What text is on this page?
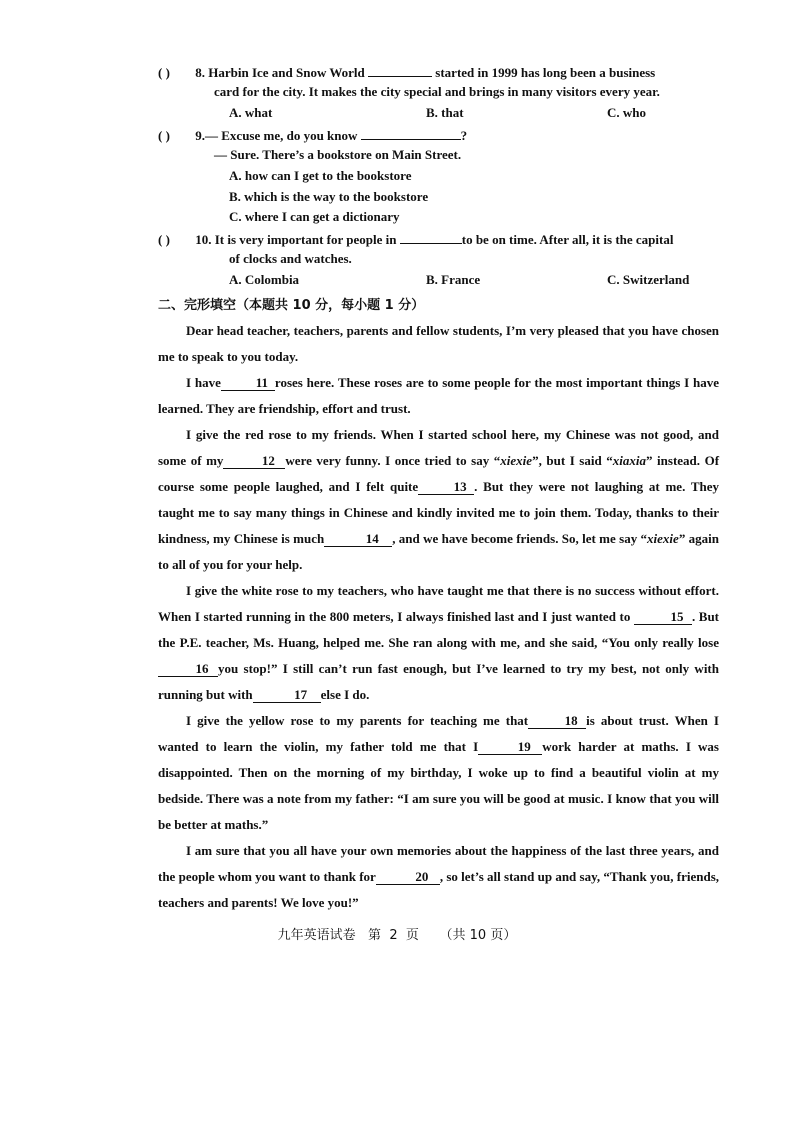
( ) 8. Harbin Ice and Snow World	started in 1999 has long been a business
card for the city. It makes the city special and brings in many visitors every year.
A. what	B. that	C. who
( ) 9.— Excuse me, do you know	?
— Sure. There’s a bookstore on Main Street.
A. how can I get to the bookstore
B. which is the way to the bookstore
C. where I can get a dictionary
( ) 10. It is very important for people in	to be on time. After all, it is the capital
of clocks and watches.
A. Colombia	B. France	C. Switzerland
二、完形填空（本题共 10 分，每小题 1 分）

Dear head teacher, teachers, parents and fellow students, I’m very pleased that you have chosen me to speak to you today.

I have	11 roses here. These roses are to some people for the most important things I have learned. They are friendship, effort and trust.

I give the red rose to my friends. When I started school here, my Chinese was not good, and some of my	12 were very funny. I once tried to say “xiexie”, but I said “xiaxia” instead. Of course some people laughed, and I felt quite	13 . But they were not laughing at me. They taught me to say many things in Chinese and kindly invited me to join them. Today, thanks to their kindness, my Chinese is much	14 , and we have become friends. So, let me say “xiexie” again to all of you for your help.

I give the white rose to my teachers, who have taught me that there is no success without effort. When I started running in the 800 meters, I always finished last and I just wanted to	15 . But the P.E. teacher, Ms. Huang, helped me. She ran along with me, and she said, “You only really lose16 you stop!” I still can’t run fast enough, but I’ve learned to try my best, not only with running but with	17 else I do.

I give the yellow rose to my parents for teaching me that	18 is about trust. When I wanted to learn the violin, my father told me that I	19 work harder at maths. I was disappointed. Then on the morning of my birthday, I woke up to find a beautiful violin at my bedside. There was a note from my father: “I am sure you will be good at music. I know that you will be better at maths.”

I am sure that you all have your own memories about the happiness of the last three years, and the people whom you want to thank for	20 , so let’s all stand up and say, “Thank you, friends, teachers and parents! We love you!”

九年英语试卷   第  2  页     （共 10 页）
